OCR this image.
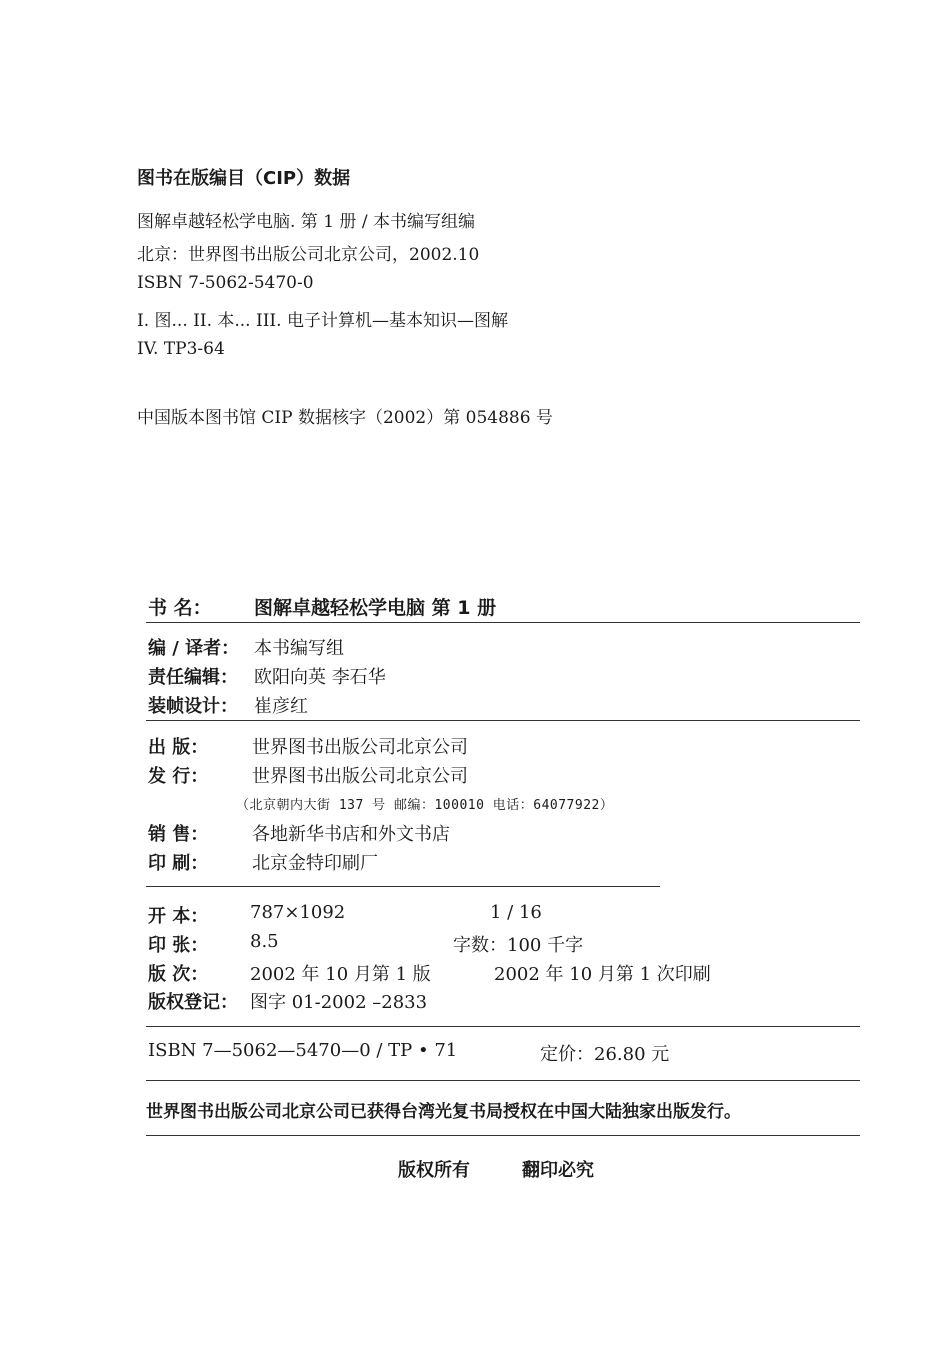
图书在版编目（CIP）数据
图解卓越轻松学电脑. 第 1 册 / 本书编写组编
北京：世界图书出版公司北京公司，2002.10
ISBN 7-5062-5470-0
I. 图... II. 本... III. 电子计算机—基本知识—图解
IV. TP3-64
中国版本图书馆 CIP 数据核字（2002）第 054886 号
书 名： 图解卓越轻松学电脑 第 1 册
编 / 译者： 本书编写组
责任编辑： 欧阳向英 李石华
装帧设计： 崔彦红
出 版： 世界图书出版公司北京公司
发 行： 世界图书出版公司北京公司
（北京朝内大街 137 号 邮编：100010 电话：64077922）
销 售： 各地新华书店和外文书店
印 刷： 北京金特印刷厂
开 本： 787×1092	1 / 16
印 张： 8.5	字数：100 千字
版 次： 2002 年 10 月第 1 版	2002 年 10 月第 1 次印刷
版权登记： 图字 01-2002 –2833
ISBN 7—5062—5470—0 / TP • 71	定价：26.80 元
世界图书出版公司北京公司已获得台湾光复书局授权在中国大陆独家出版发行。
版权所有	翻印必究
